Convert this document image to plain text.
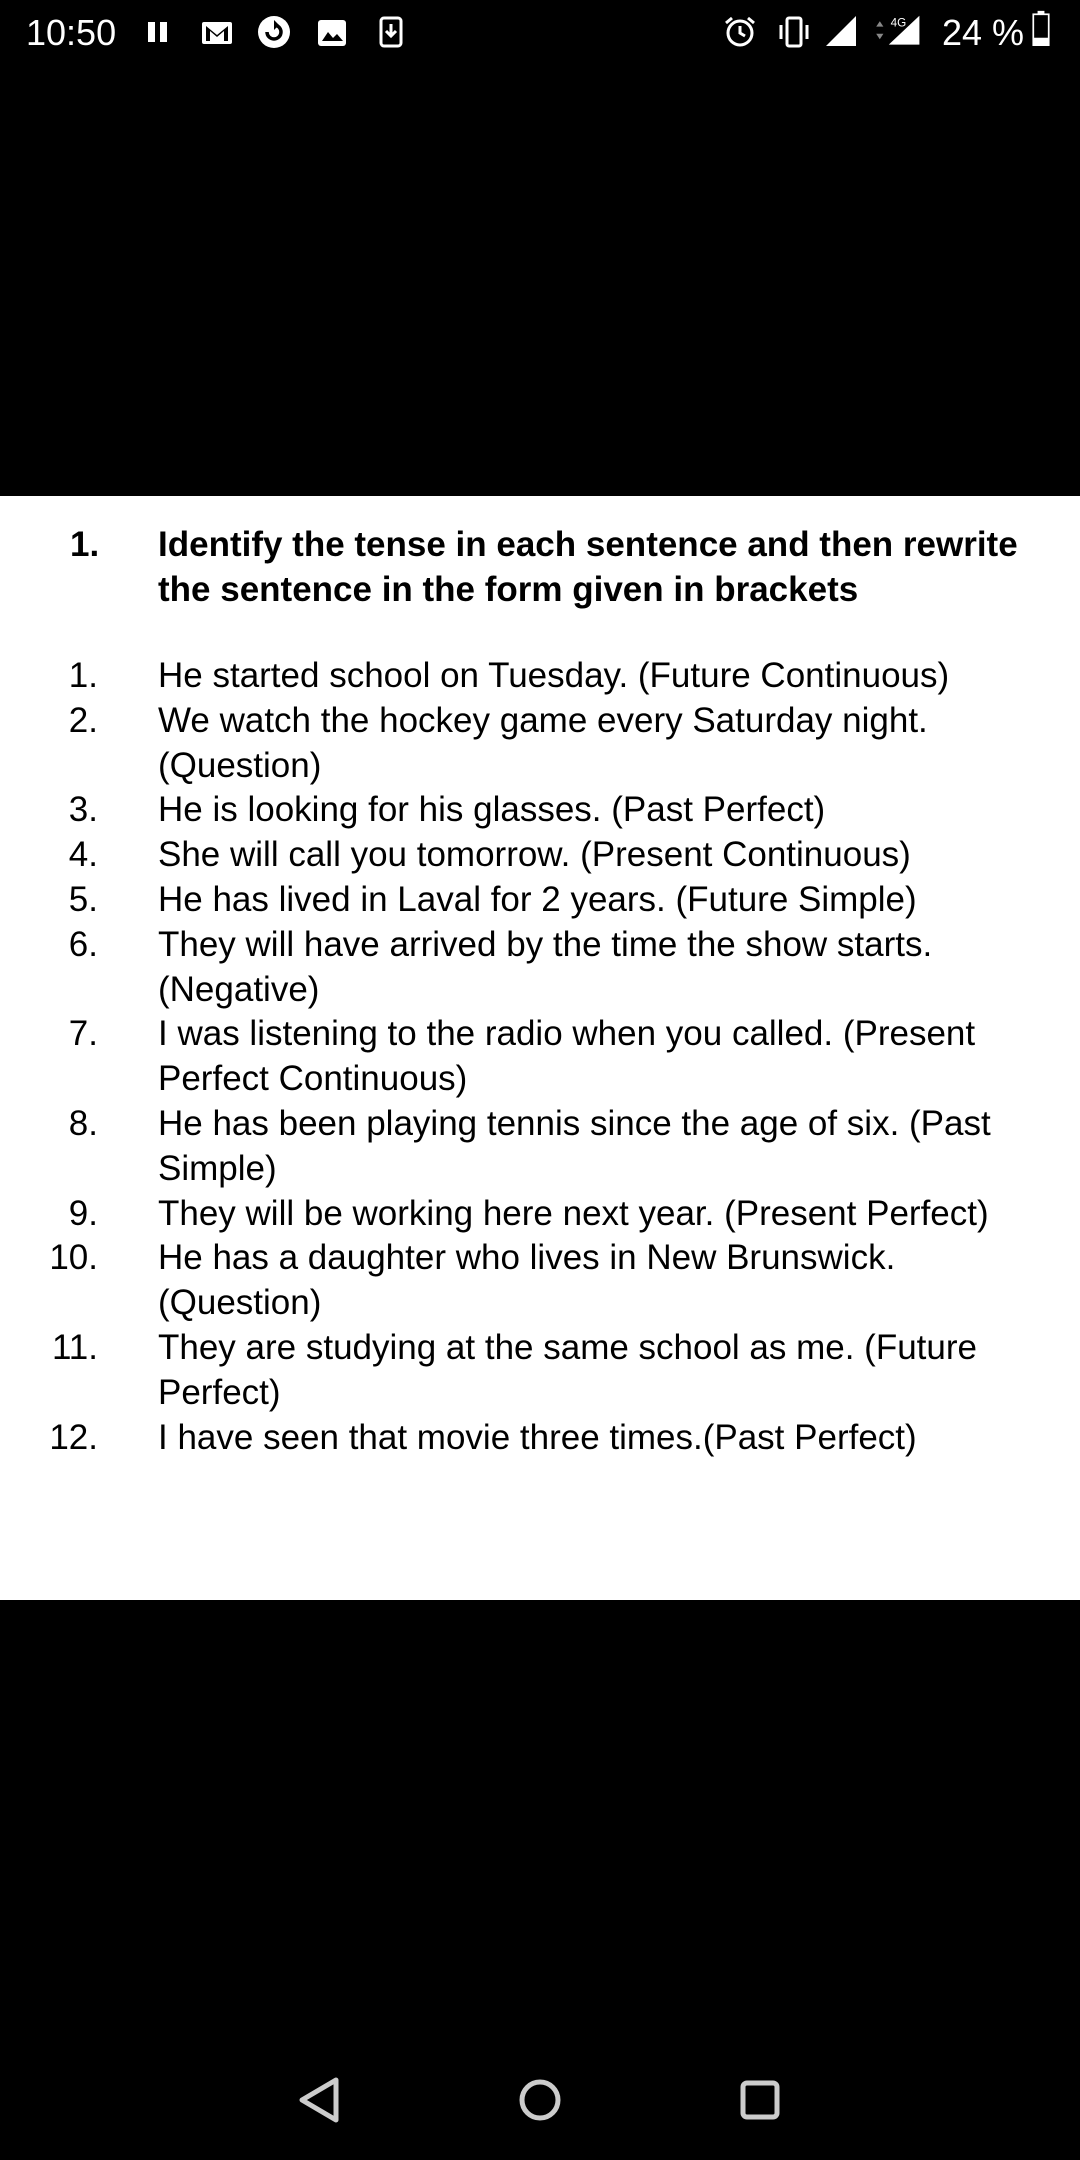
10:50	4G 24 %
1. Identify the tense in each sentence and then rewrite the sentence in the form given in brackets
1. He started school on Tuesday. (Future Continuous)
2. We watch the hockey game every Saturday night. (Question)
3. He is looking for his glasses. (Past Perfect)
4. She will call you tomorrow. (Present Continuous)
5. He has lived in Laval for 2 years. (Future Simple)
6. They will have arrived by the time the show starts. (Negative)
7. I was listening to the radio when you called. (Present Perfect Continuous)
8. He has been playing tennis since the age of six. (Past Simple)
9. They will be working here next year. (Present Perfect)
10. He has a daughter who lives in New Brunswick. (Question)
11. They are studying at the same school as me. (Future Perfect)
12. I have seen that movie three times.(Past Perfect)
